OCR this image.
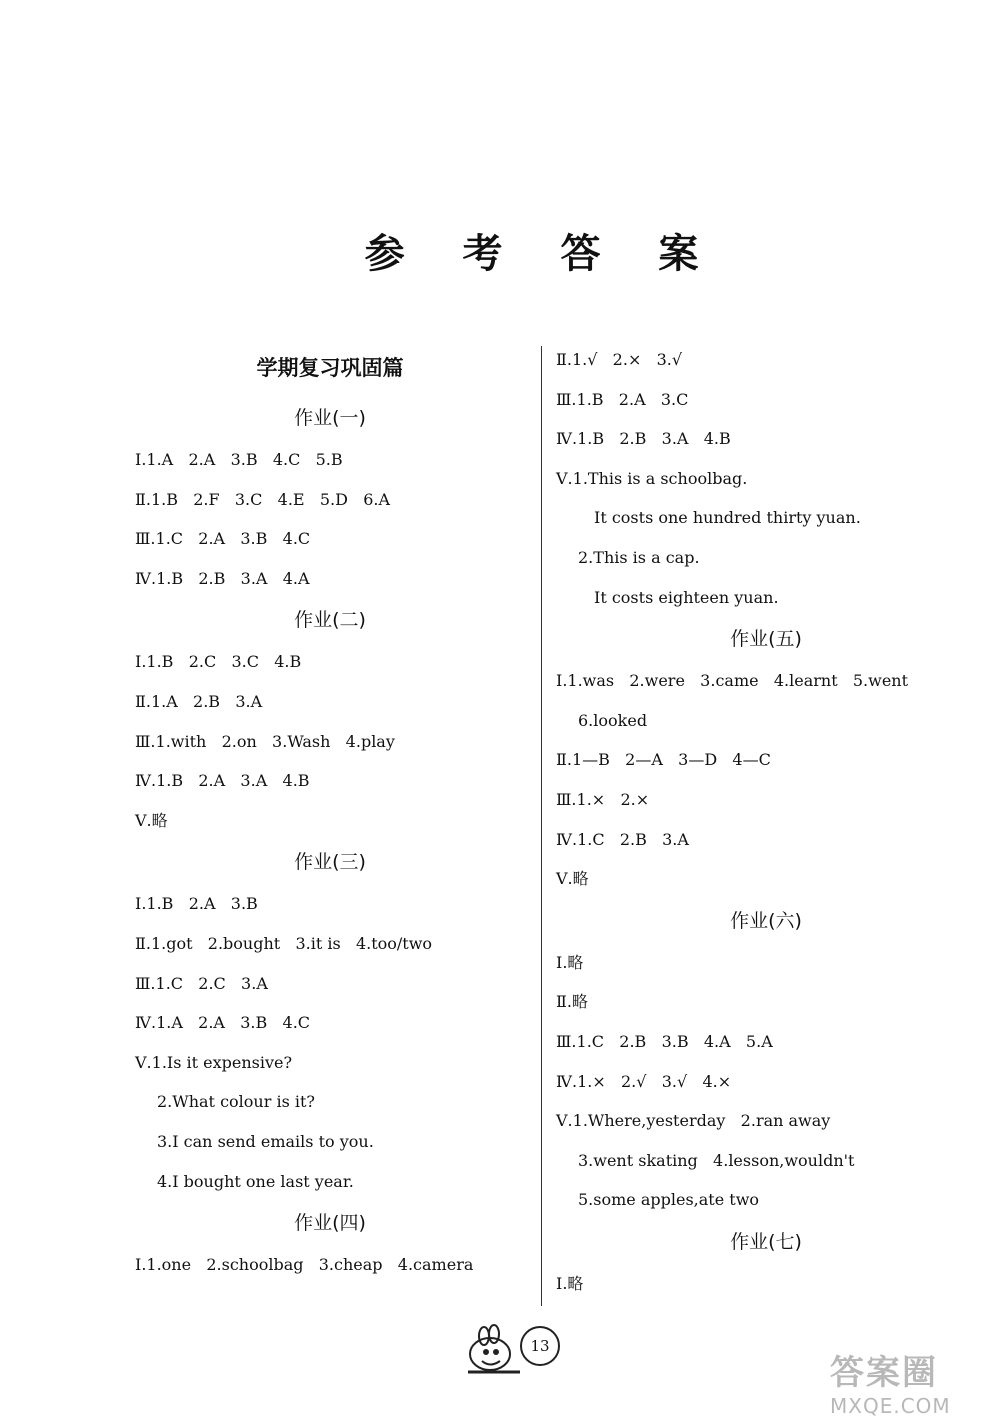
参 考 答 案
学期复习巩固篇
作业(一)
Ⅰ.1.A   2.A   3.B   4.C   5.B
Ⅱ.1.B   2.F   3.C   4.E   5.D   6.A
Ⅲ.1.C   2.A   3.B   4.C
Ⅳ.1.B   2.B   3.A   4.A
作业(二)
Ⅰ.1.B   2.C   3.C   4.B
Ⅱ.1.A   2.B   3.A
Ⅲ.1.with   2.on   3.Wash   4.play
Ⅳ.1.B   2.A   3.A   4.B
Ⅴ.略
作业(三)
Ⅰ.1.B   2.A   3.B
Ⅱ.1.got   2.bought   3.it is   4.too/two
Ⅲ.1.C   2.C   3.A
Ⅳ.1.A   2.A   3.B   4.C
Ⅴ.1.Is it expensive?
2.What colour is it?
3.I can send emails to you.
4.I bought one last year.
作业(四)
Ⅰ.1.one   2.schoolbag   3.cheap   4.camera
Ⅱ.1.√   2.×   3.√
Ⅲ.1.B   2.A   3.C
Ⅳ.1.B   2.B   3.A   4.B
Ⅴ.1.This is a schoolbag.
It costs one hundred thirty yuan.
2.This is a cap.
It costs eighteen yuan.
作业(五)
Ⅰ.1.was   2.were   3.came   4.learnt   5.went
6.looked
Ⅱ.1—B   2—A   3—D   4—C
Ⅲ.1.×   2.×
Ⅳ.1.C   2.B   3.A
Ⅴ.略
作业(六)
Ⅰ.略
Ⅱ.略
Ⅲ.1.C   2.B   3.B   4.A   5.A
Ⅳ.1.×   2.√   3.√   4.×
Ⅴ.1.Where,yesterday   2.ran away
3.went skating   4.lesson,wouldn't
5.some apples,ate two
作业(七)
Ⅰ.略
13
答案圈
MXQE.COM
